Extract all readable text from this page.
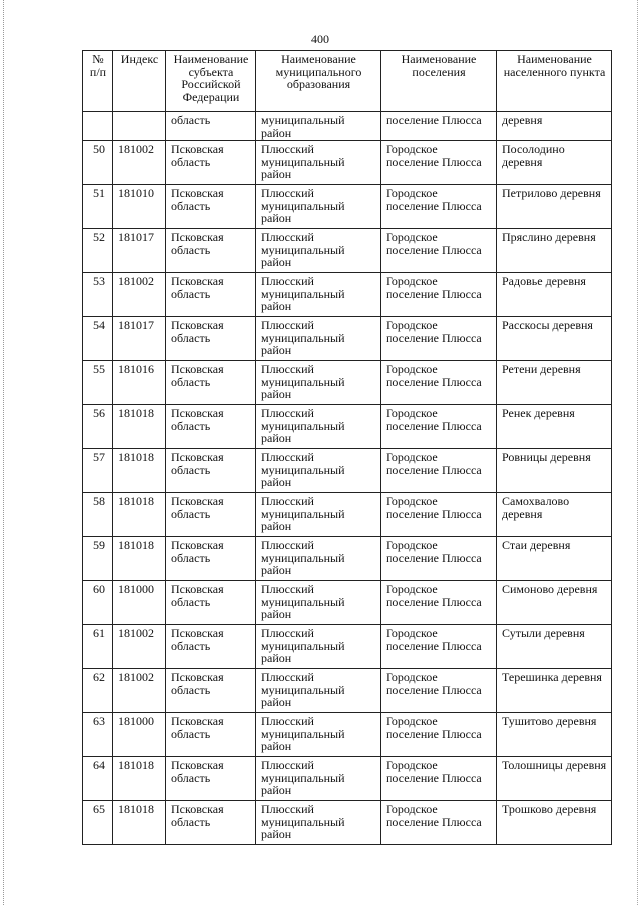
400
№ п/п	Индекс	Наименование субъекта Российской Федерации	Наименование муниципального образования	Наименование поселения	Наименование населенного пункта
		область	муниципальный район	поселение Плюсса	деревня
50	181002	Псковская область	Плюсский муниципальный район	Городское поселение Плюсса	Посолодино деревня
51	181010	Псковская область	Плюсский муниципальный район	Городское поселение Плюсса	Петрилово деревня
52	181017	Псковская область	Плюсский муниципальный район	Городское поселение Плюсса	Пряслино деревня
53	181002	Псковская область	Плюсский муниципальный район	Городское поселение Плюсса	Радовье деревня
54	181017	Псковская область	Плюсский муниципальный район	Городское поселение Плюсса	Расскосы деревня
55	181016	Псковская область	Плюсский муниципальный район	Городское поселение Плюсса	Ретени деревня
56	181018	Псковская область	Плюсский муниципальный район	Городское поселение Плюсса	Ренек деревня
57	181018	Псковская область	Плюсский муниципальный район	Городское поселение Плюсса	Ровницы деревня
58	181018	Псковская область	Плюсский муниципальный район	Городское поселение Плюсса	Самохвалово деревня
59	181018	Псковская область	Плюсский муниципальный район	Городское поселение Плюсса	Стаи деревня
60	181000	Псковская область	Плюсский муниципальный район	Городское поселение Плюсса	Симоново деревня
61	181002	Псковская область	Плюсский муниципальный район	Городское поселение Плюсса	Сутыли деревня
62	181002	Псковская область	Плюсский муниципальный район	Городское поселение Плюсса	Терешинка деревня
63	181000	Псковская область	Плюсский муниципальный район	Городское поселение Плюсса	Тушитово деревня
64	181018	Псковская область	Плюсский муниципальный район	Городское поселение Плюсса	Толошницы деревня
65	181018	Псковская область	Плюсский муниципальный район	Городское поселение Плюсса	Трошково деревня
